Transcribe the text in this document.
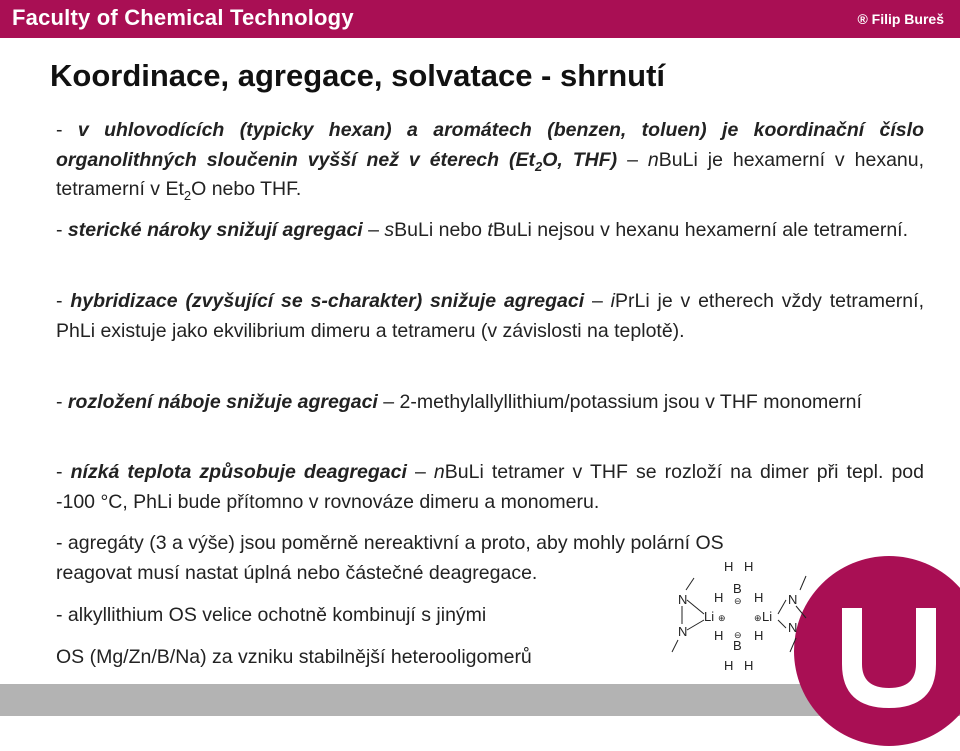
Faculty of Chemical Technology	® Filip Bureš
Koordinace, agregace, solvatace - shrnutí

- v uhlovodících (typicky hexan) a aromátech (benzen, toluen) je koordinační číslo organolithných sloučenin vyšší než v éterech ($Et_2O$, THF) – nBuLi je hexamerní v hexanu, tetramerní v $Et_2O$ nebo THF.

- sterické nároky snižují agregaci – sBuLi nebo tBuLi nejsou v hexanu hexamerní ale tetramerní.

- hybridizace (zvyšující se s-charakter) snižuje agregaci – iPrLi je v etherech vždy tetramerní, PhLi existuje jako ekvilibrium dimeru a tetrameru (v závislosti na teplotě).

- rozložení náboje snižuje agregaci – 2-methylallyllithium/potassium jsou v THF monomerní

- nízká teplota způsobuje deagregaci – nBuLi tetramer v THF se rozloží na dimer při tepl. pod -100 °C, PhLi bude přítomno v rovnováze dimeru a monomeru.

- agregáty (3 a výše) jsou poměrně nereaktivní a proto, aby mohly polární OS

reagovat musí nastat úplná nebo částečné deagregace.

- alkyllithium OS velice ochotně kombinují s jinými

OS (Mg/Zn/B/Na) za vzniku stabilnější heterooligomerů

H H
B
H H
Li	Li
H H
B
H H
N
N
N
N
⊖
⊕	⊕
⊖
